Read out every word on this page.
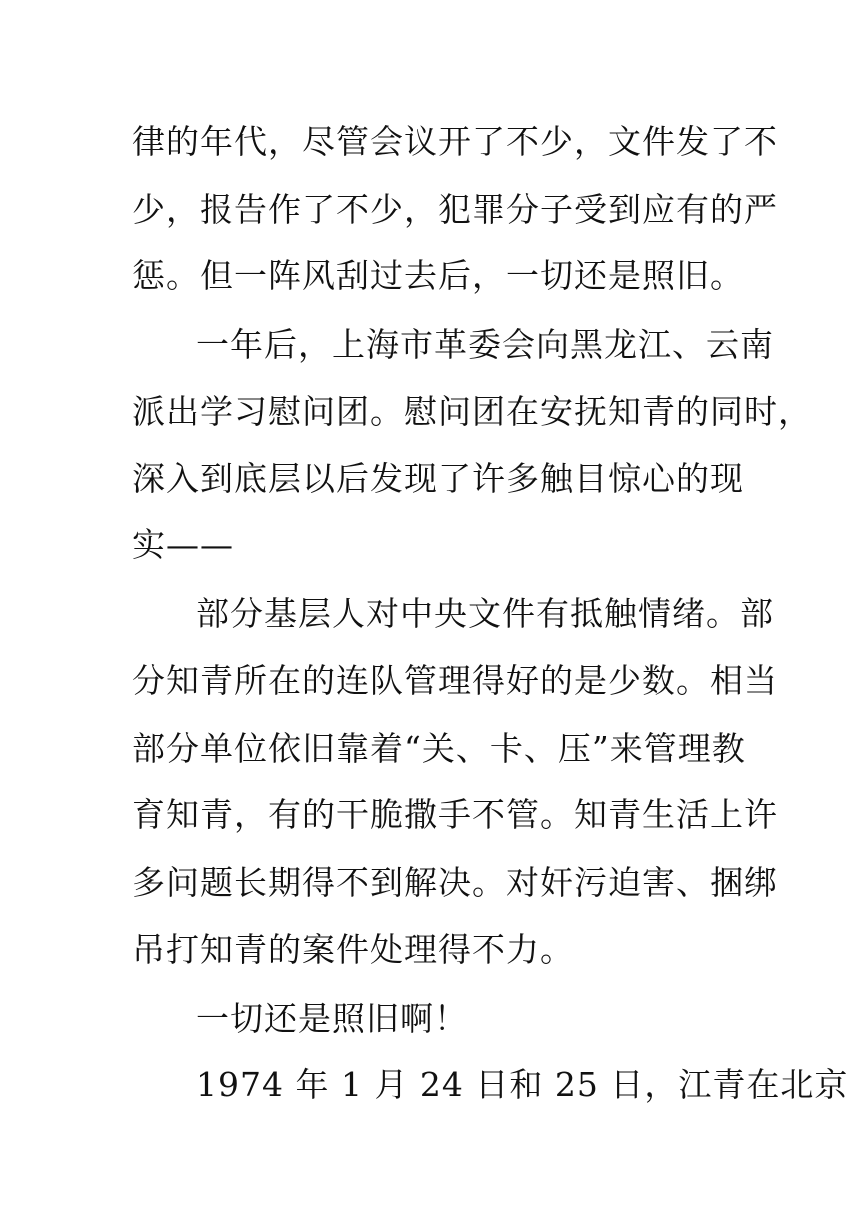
律的年代，尽管会议开了不少，文件发了不
少，报告作了不少，犯罪分子受到应有的严
惩。但一阵风刮过去后，一切还是照旧。
一年后，上海市革委会向黑龙江、云南
派出学习慰问团。慰问团在安抚知青的同时，
深入到底层以后发现了许多触目惊心的现
实——
部分基层人对中央文件有抵触情绪。部
分知青所在的连队管理得好的是少数。相当
部分单位依旧靠着“关、卡、压”来管理教
育知青，有的干脆撒手不管。知青生活上许
多问题长期得不到解决。对奸污迫害、捆绑
吊打知青的案件处理得不力。
一切还是照旧啊！
1974 年 1 月 24 日和 25 日，江青在北京
